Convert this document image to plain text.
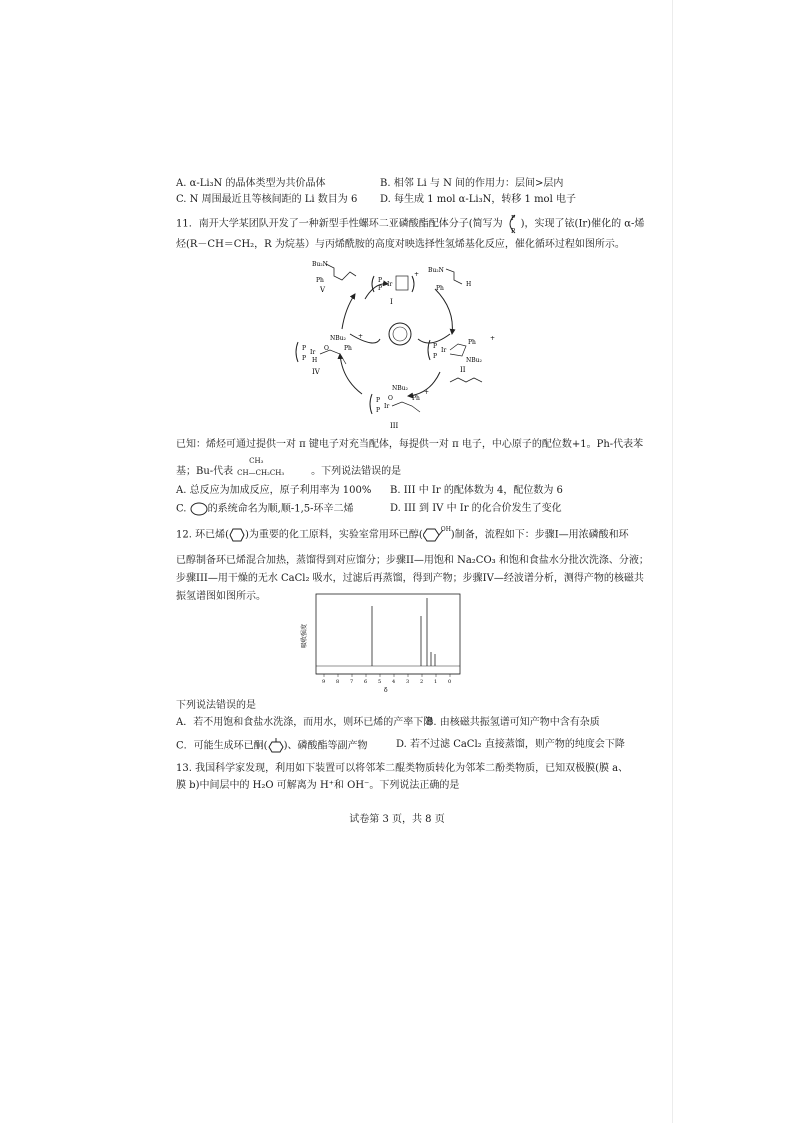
A. α-Li₃N 的晶体类型为共价晶体	B. 相邻 Li 与 N 间的作用力：层间>层内
C. N 周围最近且等核间距的 Li 数目为 6 D. 每生成 1 mol α-Li₃N，转移 1 mol 电子
11．南开大学某团队开发了一种新型手性螺环二亚磷酸酯配体分子(简写为 P
P
)，实现了铱(Ir)催化的 α-烯
烃(R－CH＝CH₂，R 为烷基）与丙烯酰胺的高度对映选择性氢烯基化反应，催化循环过程如图所示。
P
P
Ir
+
I
Bu₂N
Ph
V
Bu₂N
Ph
H
P
P
Ir
Ph
NBu₂
+
II
P
P
Ir
H
NBu₂
O	Ph
+
IV
P
P
Ir
NBu₂
O	Ph
+
III
已知：烯烃可通过提供一对 π 键电子对充当配体，每提供一对 π 电子，中心原子的配位数+1。Ph-代表苯
基；Bu-代表
CH₃
CH—CH₂CH₃	。下列说法错误的是
A. 总反应为加成反应，原子利用率为 100% B. III 中 Ir 的配体数为 4，配位数为 6
C. 的系统命名为顺,顺-1,5-环辛二烯	D. III 到 IV 中 Ir 的化合价发生了变化
12. 环已烯( )为重要的化工原料，实验室常用环已醇(	OH )制备，流程如下：步骤I—用浓磷酸和环
已醇制备环已烯混合加热，蒸馏得到对应馏分；步骤II—用饱和 Na₂CO₃ 和饱和食盐水分批次洗涤、分液；
步骤III—用干燥的无水 CaCl₂ 吸水，过滤后再蒸馏，得到产物；步骤IV—经波谱分析，测得产物的核磁共
振氢谱图如图所示。
吸收强度
9 8 7 6 5 4 3 2 1 0
δ
下列说法错误的是
A．若不用饱和食盐水洗涤，而用水，则环已烯的产率下降
B. 由核磁共振氢谱可知产物中含有杂质
C．可能生成环已酮( )、磷酸酯等副产物	D. 若不过滤 CaCl₂ 直接蒸馏，则产物的纯度会下降
13. 我国科学家发现，利用如下装置可以将邻苯二醌类物质转化为邻苯二酚类物质，已知双极膜(膜 a、
膜 b)中间层中的 H₂O 可解离为 H⁺和 OH⁻。下列说法正确的是
试卷第 3 页，共 8 页
